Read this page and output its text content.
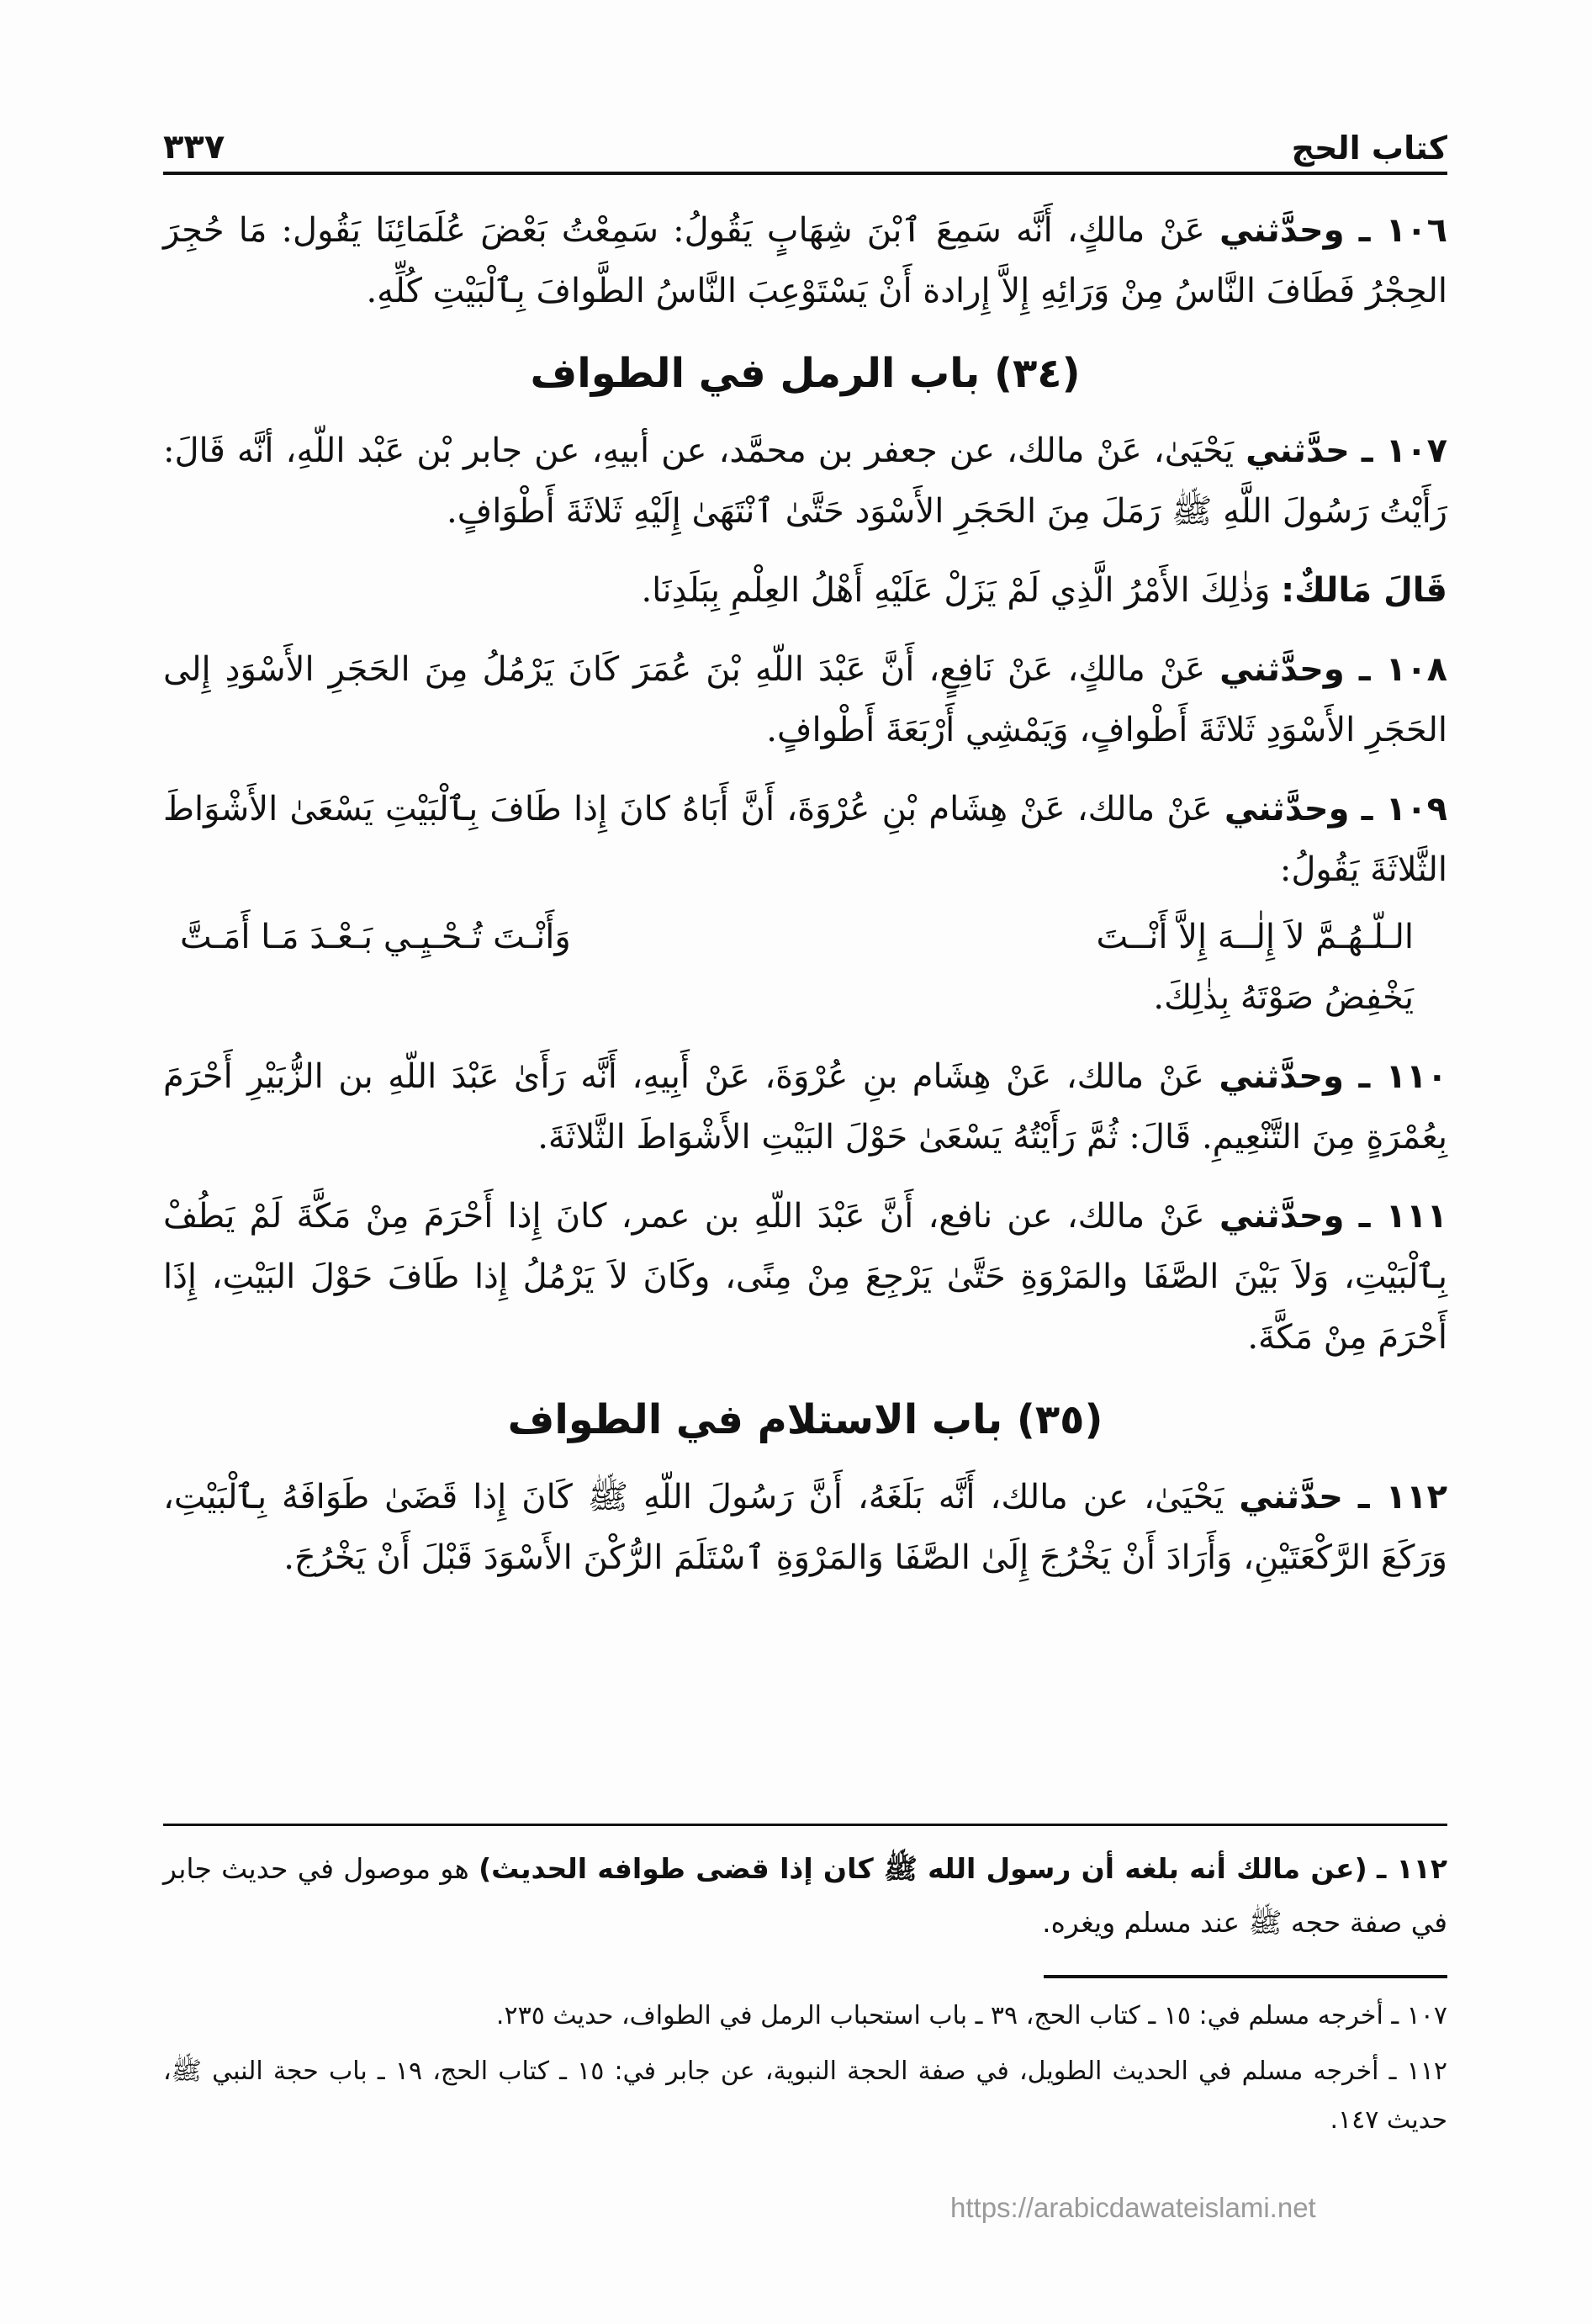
كتاب الحج
٣٣٧

١٠٦ ـ وحدَّثني عَنْ مالكٍ، أَنَّه سَمِعَ ٱبْنَ شِهَابٍ يَقُولُ: سَمِعْتُ بَعْضَ عُلَمَائِنَا يَقُول: مَا حُجِرَ الحِجْرُ فَطَافَ النَّاسُ مِنْ وَرَائِهِ إِلاَّ إِرادة أَنْ يَسْتَوْعِبَ النَّاسُ الطَّوافَ بِٱلْبَيْتِ كُلِّهِ.

(٣٤) باب الرمل في الطواف

١٠٧ ـ حدَّثني يَحْيَىٰ، عَنْ مالك، عن جعفر بن محمَّد، عن أبيهِ، عن جابر بْن عَبْد اللّهِ، أنَّه قَالَ: رَأَيْتُ رَسُولَ اللَّهِ ﷺ رَمَلَ مِنَ الحَجَرِ الأَسْوَد حَتَّىٰ ٱنْتَهَىٰ إِلَيْهِ ثَلاثَةَ أَطْوَافٍ.

قَالَ مَالكٌ: وَذٰلِكَ الأَمْرُ الَّذِي لَمْ يَزَلْ عَلَيْهِ أَهْلُ العِلْمِ بِبَلَدِنَا.

١٠٨ ـ وحدَّثني عَنْ مالكٍ، عَنْ نَافِعٍ، أَنَّ عَبْدَ اللّهِ بْنَ عُمَرَ كَانَ يَرْمُلُ مِنَ الحَجَرِ الأَسْوَدِ إِلى الحَجَرِ الأَسْوَدِ ثَلاثَةَ أَطْوافٍ، وَيَمْشِي أَرْبَعَةَ أَطْوافٍ.

١٠٩ ـ وحدَّثني عَنْ مالك، عَنْ هِشَام بْنِ عُرْوَةَ، أَنَّ أَبَاهُ كانَ إِذا طَافَ بِٱلْبَيْتِ يَسْعَىٰ الأَشْوَاطَ الثَّلاثَةَ يَقُولُ:

الـلّـهُـمَّ لاَ إِلٰــهَ إِلاَّ أَنْــتَ
وَأَنْـتَ تُـحْـيِـي بَـعْـدَ مَـا أَمَـتَّ

يَخْفِضُ صَوْتَهُ بِذٰلِكَ.

١١٠ ـ وحدَّثني عَنْ مالك، عَنْ هِشَام بنِ عُرْوَةَ، عَنْ أَبِيهِ، أَنَّه رَأَىٰ عَبْدَ اللّهِ بن الزُّبَيْرِ أَحْرَمَ بِعُمْرَةٍ مِنَ التَّنْعِيمِ. قَالَ: ثُمَّ رَأَيْتُهُ يَسْعَىٰ حَوْلَ البَيْتِ الأَشْوَاطَ الثَّلاثَةَ.

١١١ ـ وحدَّثني عَنْ مالك، عن نافع، أَنَّ عَبْدَ اللّهِ بن عمر، كانَ إِذا أَحْرَمَ مِنْ مَكَّةَ لَمْ يَطُفْ بِٱلْبَيْتِ، وَلاَ بَيْنَ الصَّفَا والمَرْوَةِ حَتَّىٰ يَرْجِعَ مِنْ مِنًى، وكَانَ لاَ يَرْمُلُ إِذا طَافَ حَوْلَ البَيْتِ، إِذَا أَحْرَمَ مِنْ مَكَّةَ.

(٣٥) باب الاستلام في الطواف

١١٢ ـ حدَّثني يَحْيَىٰ، عن مالك، أَنَّه بَلَغَهُ، أَنَّ رَسُولَ اللّهِ ﷺ كَانَ إِذا قَضَىٰ طَوَافَهُ بِٱلْبَيْتِ، وَرَكَعَ الرَّكْعَتَيْنِ، وَأَرَادَ أَنْ يَخْرُجَ إِلَىٰ الصَّفَا وَالمَرْوَةِ ٱسْتَلَمَ الرُّكْنَ الأَسْوَدَ قَبْلَ أَنْ يَخْرُجَ.

١١٢ ـ (عن مالك أنه بلغه أن رسول الله ﷺ كان إذا قضى طوافه الحديث) هو موصول في حديث جابر في صفة حجه ﷺ عند مسلم ويغره.

١٠٧ ـ أخرجه مسلم في: ١٥ ـ كتاب الحج، ٣٩ ـ باب استحباب الرمل في الطواف، حديث ٢٣٥.

١١٢ ـ أخرجه مسلم في الحديث الطويل، في صفة الحجة النبوية، عن جابر في: ١٥ ـ كتاب الحج، ١٩ ـ باب حجة النبي ﷺ، حديث ١٤٧.

https://arabicdawateislami.net
